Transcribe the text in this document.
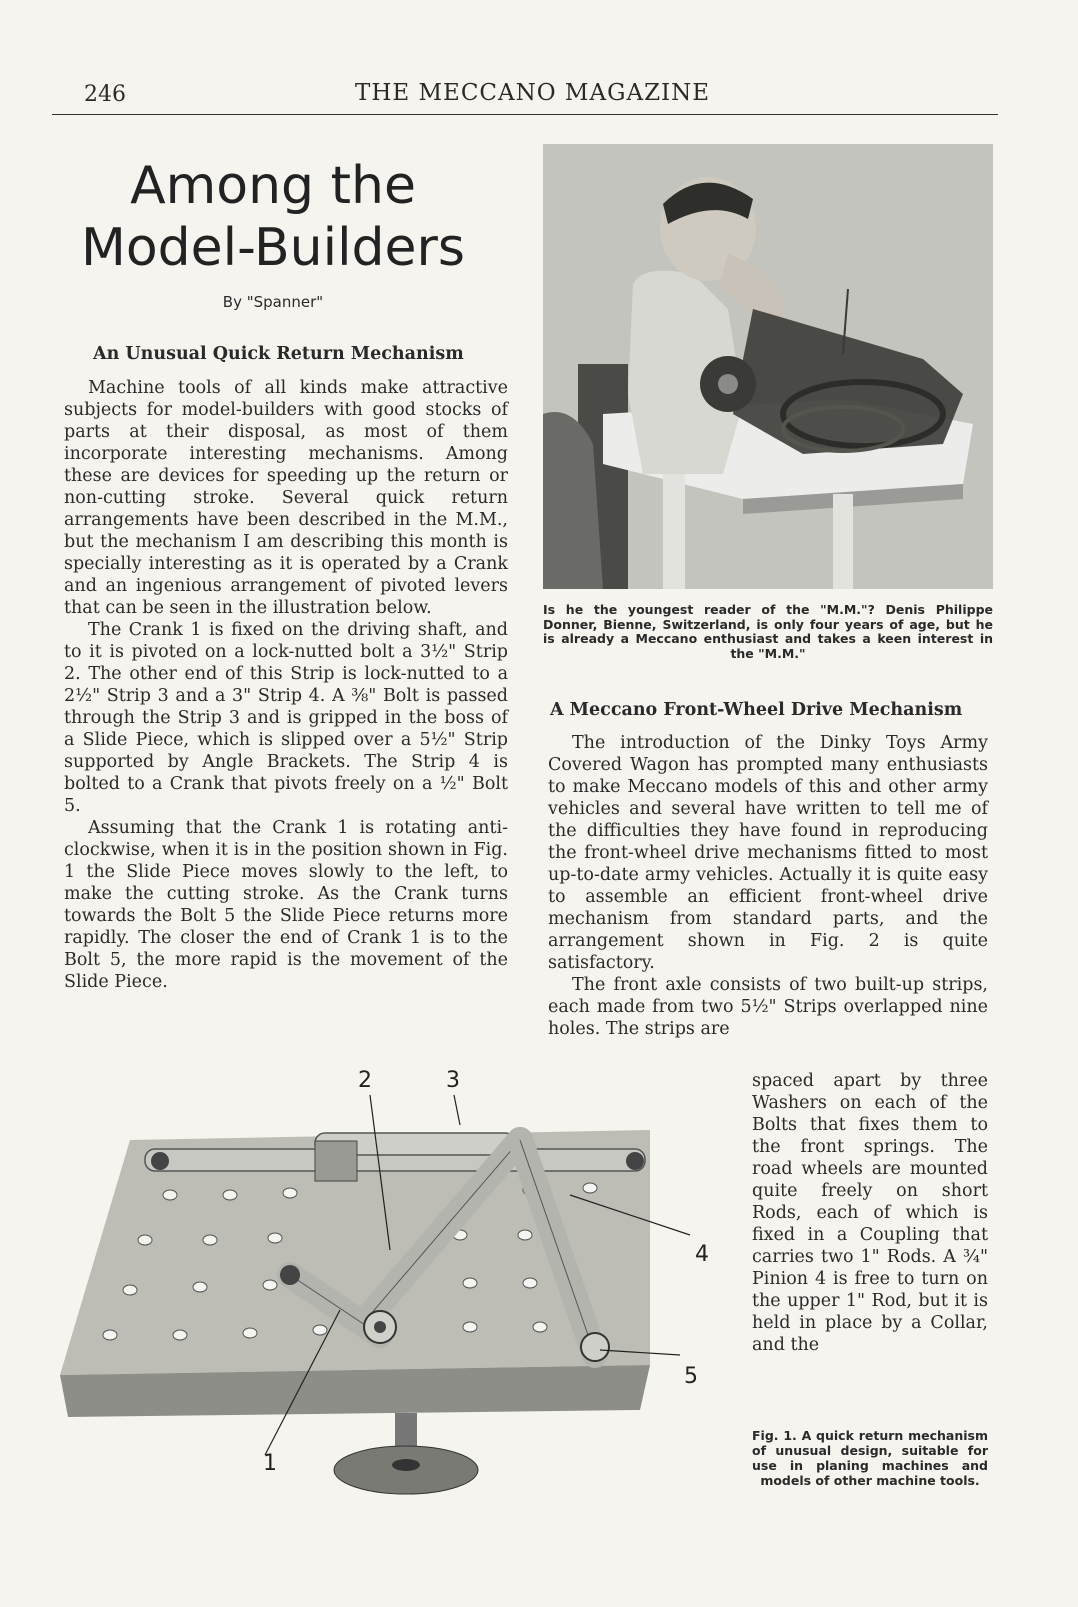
246	THE MECCANO MAGAZINE
Among the Model-Builders
By "Spanner"
An Unusual Quick Return Mechanism

Machine tools of all kinds make attractive subjects for model-builders with good stocks of parts at their disposal, as most of them incorporate interesting mechanisms. Among these are devices for speeding up the return or non-cutting stroke. Several quick return arrangements have been described in the M.M., but the mechanism I am describing this month is specially interesting as it is operated by a Crank and an ingenious arrangement of pivoted levers that can be seen in the illustration below.

The Crank 1 is fixed on the driving shaft, and to it is pivoted on a lock-nutted bolt a 3½" Strip 2. The other end of this Strip is lock-nutted to a 2½" Strip 3 and a 3" Strip 4. A ⅜" Bolt is passed through the Strip 3 and is gripped in the boss of a Slide Piece, which is slipped over a 5½" Strip supported by Angle Brackets. The Strip 4 is bolted to a Crank that pivots freely on a ½" Bolt 5.

Assuming that the Crank 1 is rotating anti-clockwise, when it is in the position shown in Fig. 1 the Slide Piece moves slowly to the left, to make the cutting stroke. As the Crank turns towards the Bolt 5 the Slide Piece returns more rapidly. The closer the end of Crank 1 is to the Bolt 5, the more rapid is the movement of the Slide Piece.

Is he the youngest reader of the "M.M."? Denis Philippe Donner, Bienne, Switzerland, is only four years of age, but he is already a Meccano enthusiast and takes a keen interest in the "M.M."
A Meccano Front-Wheel Drive Mechanism

The introduction of the Dinky Toys Army Covered Wagon has prompted many enthusiasts to make Meccano models of this and other army vehicles and several have written to tell me of the difficulties they have found in reproducing the front-wheel drive mechanisms fitted to most up-to-date army vehicles. Actually it is quite easy to assemble an efficient front-wheel drive mechanism from standard parts, and the arrangement shown in Fig. 2 is quite satisfactory.

The front axle consists of two built-up strips, each made from two 5½" Strips overlapped nine holes. The strips are

spaced apart by three Washers on each of the Bolts that fixes them to the front springs. The road wheels are mounted quite freely on short Rods, each of which is fixed in a Coupling that carries two 1" Rods. A ¾" Pinion 4 is free to turn on the upper 1" Rod, but it is held in place by a Collar, and the

1
2	3
4
5
Fig. 1. A quick return mechanism of unusual design, suitable for use in planing machines and models of other machine tools.
